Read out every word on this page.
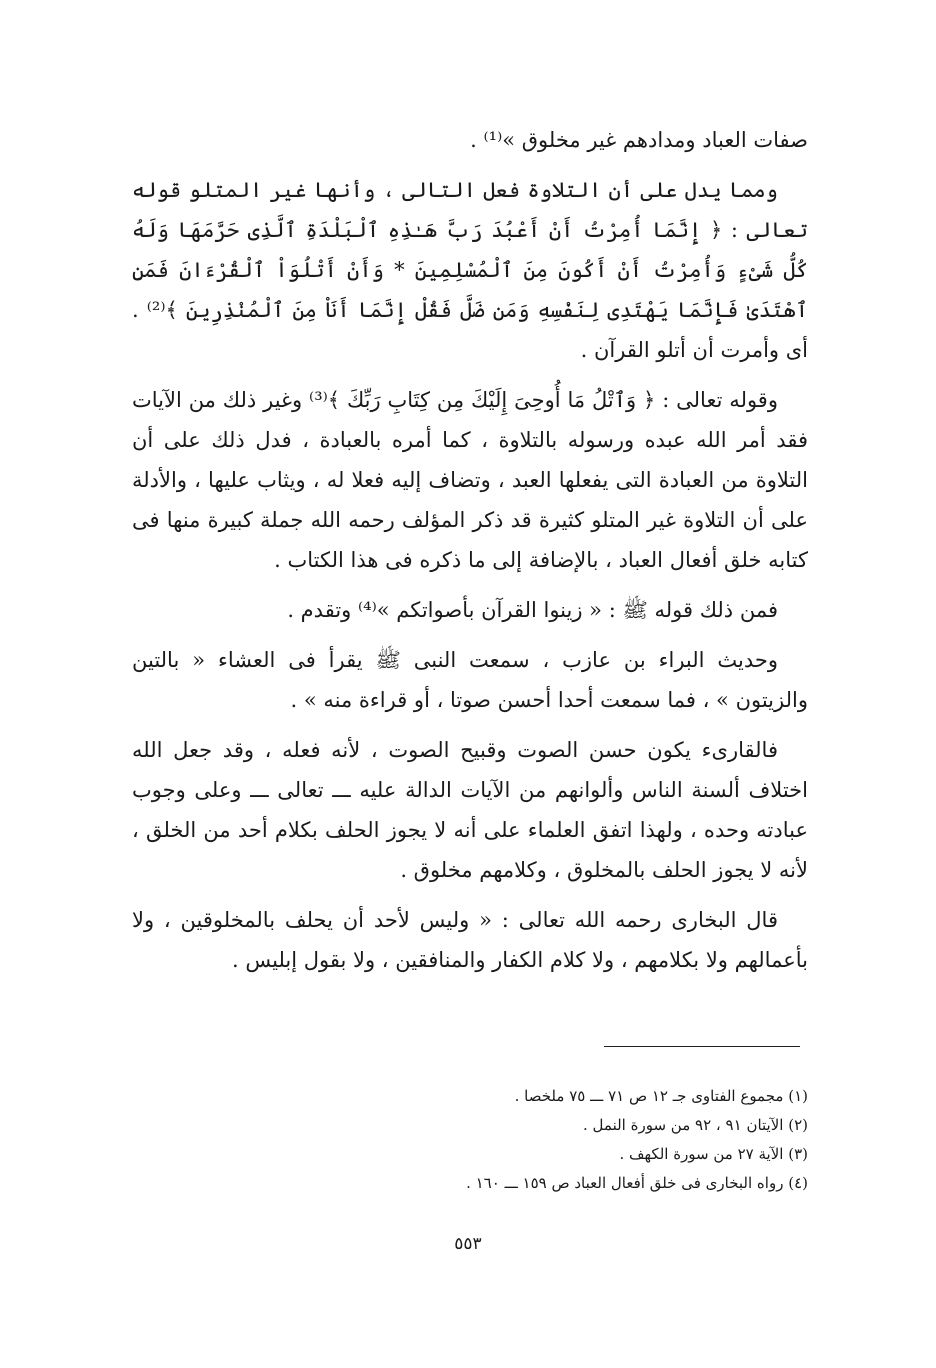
صفات العباد ومدادهم غير مخلوق »⁽¹⁾ .

ومما يدل على أن التلاوة فعل التالى ، وأنها غير المتلو قوله تعالى : ﴿ إِنَّمَا أُمِرْتُ أَنْ أَعْبُدَ رَبَّ هَـٰذِهِ ٱلْبَلْدَةِ ٱلَّذِى حَرَّمَهَا وَلَهُ كُلُّ شَىْءٍ وَأُمِرْتُ أَنْ أَكُونَ مِنَ ٱلْمُسْلِمِينَ * وَأَنْ أَتْلُوَاْ ٱلْقُرْءَانَ فَمَنِ ٱهْتَدَىٰ فَإِنَّمَا يَهْتَدِى لِنَفْسِهِ وَمَن ضَلَّ فَقُلْ إِنَّمَا أَنَاْ مِنَ ٱلْمُنْذِرِينَ ﴾⁽²⁾ . أى وأمرت أن أتلو القرآن .

وقوله تعالى : ﴿ وَٱتْلُ مَا أُوحِىَ إِلَيْكَ مِن كِتَابِ رَبِّكَ ﴾⁽³⁾ وغير ذلك من الآيات فقد أمر الله عبده ورسوله بالتلاوة ، كما أمره بالعبادة ، فدل ذلك على أن التلاوة من العبادة التى يفعلها العبد ، وتضاف إليه فعلا له ، ويثاب عليها ، والأدلة على أن التلاوة غير المتلو كثيرة قد ذكر المؤلف رحمه الله جملة كبيرة منها فى كتابه خلق أفعال العباد ، بالإضافة إلى ما ذكره فى هذا الكتاب .

فمن ذلك قوله ﷺ : « زينوا القرآن بأصواتكم »⁽⁴⁾ وتقدم .

وحديث البراء بن عازب ، سمعت النبى ﷺ يقرأ فى العشاء « بالتين والزيتون » ، فما سمعت أحدا أحسن صوتا ، أو قراءة منه » .

فالقارىء يكون حسن الصوت وقبيح الصوت ، لأنه فعله ، وقد جعل الله اختلاف ألسنة الناس وألوانهم من الآيات الدالة عليه ـــ تعالى ـــ وعلى وجوب عبادته وحده ، ولهذا اتفق العلماء على أنه لا يجوز الحلف بكلام أحد من الخلق ، لأنه لا يجوز الحلف بالمخلوق ، وكلامهم مخلوق .

قال البخارى رحمه الله تعالى : « وليس لأحد أن يحلف بالمخلوقين ، ولا بأعمالهم ولا بكلامهم ، ولا كلام الكفار والمنافقين ، ولا بقول إبليس .

(١) مجموع الفتاوى جـ ١٢ ص ٧١ ـــ ٧٥ ملخصا .

(٢) الآيتان ٩١ ، ٩٢ من سورة النمل .

(٣) الآية ٢٧ من سورة الكهف .

(٤) رواه البخارى فى خلق أفعال العباد ص ١٥٩ ـــ ١٦٠ .

٥٥٣
